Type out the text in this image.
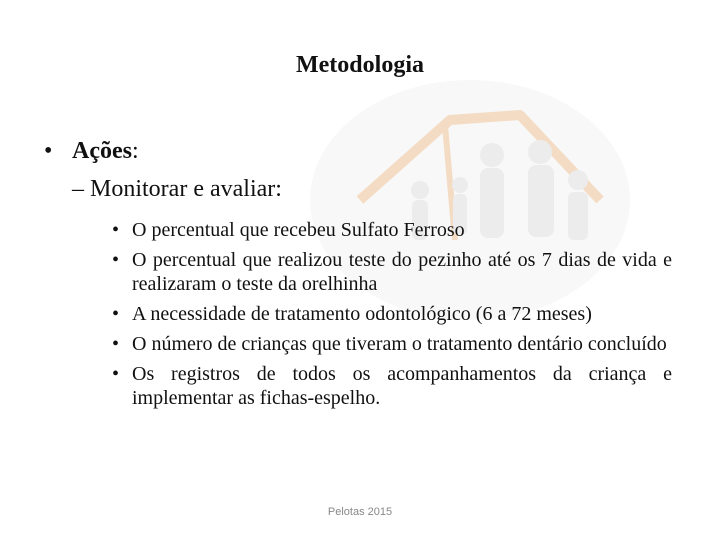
Metodologia
• Ações:
– Monitorar e avaliar:
• O percentual que recebeu Sulfato Ferroso
• O percentual que realizou teste do pezinho até os 7 dias de vida e realizaram o teste da orelhinha
• A necessidade de tratamento odontológico (6 a 72 meses)
• O número de crianças que tiveram o tratamento dentário concluído
• Os registros de todos os acompanhamentos da criança e implementar as fichas-espelho.
Pelotas 2015
